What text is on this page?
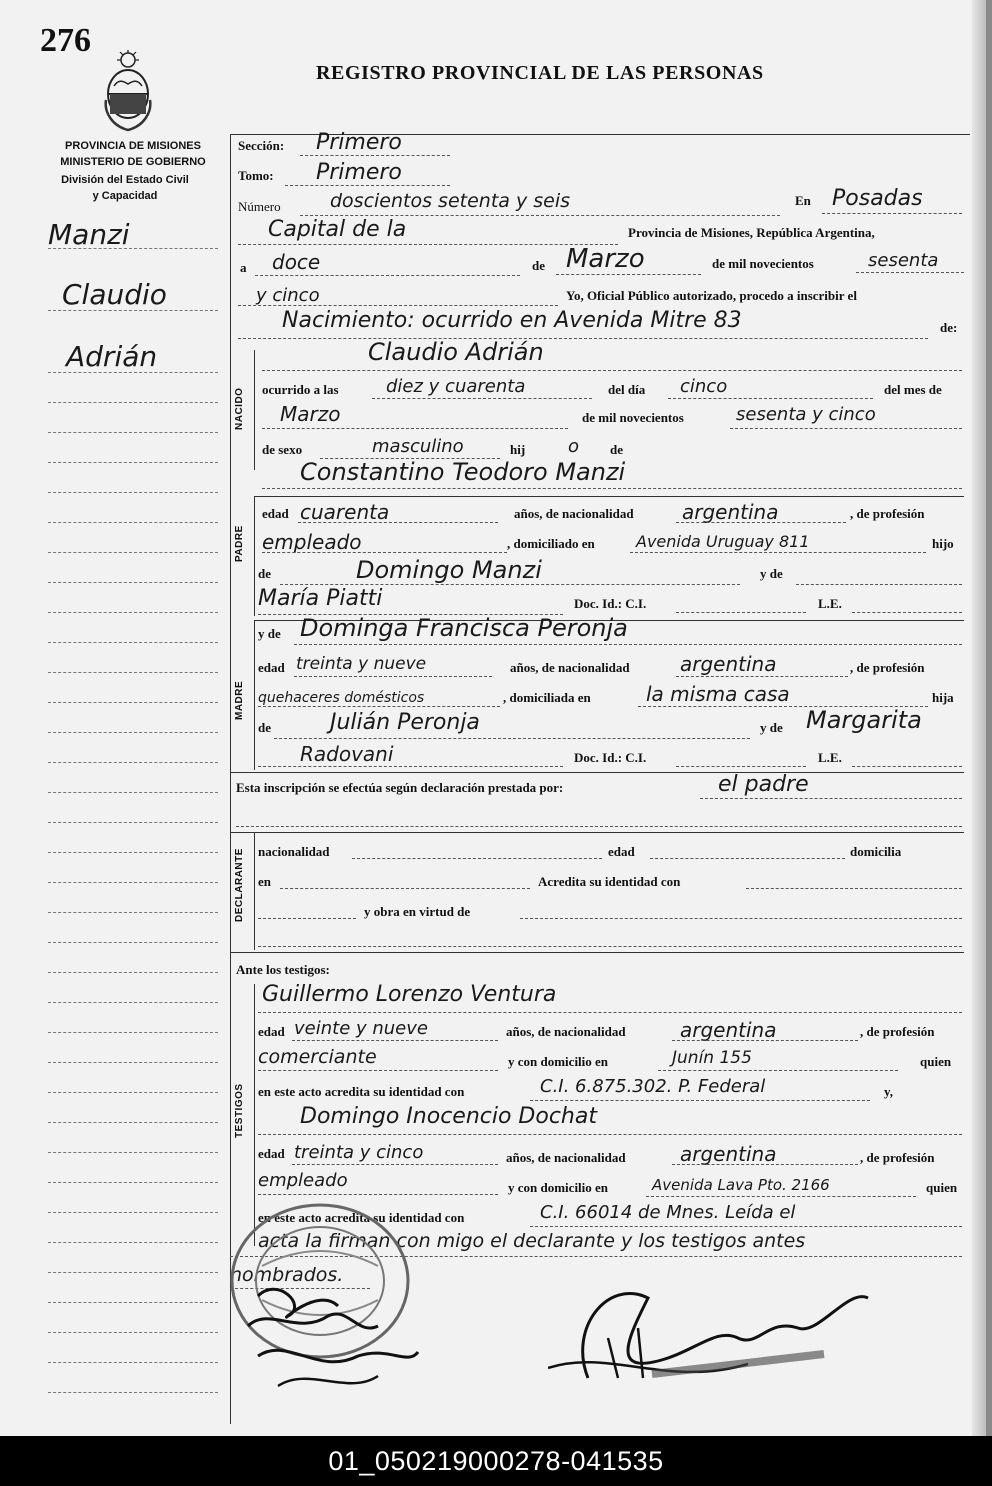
276
REGISTRO PROVINCIAL DE LAS PERSONAS
PROVINCIA DE MISIONES
MINISTERIO DE GOBIERNO
División del Estado Civil
y Capacidad
Manzi
Claudio
Adrián
Sección: Primero
Tomo: Primero
Número	doscientos setenta y seis	En Posadas
Capital de la	Provincia de Misiones, República Argentina,
a doce	de Marzo	de mil novecientos	sesenta
y cinco	Yo, Oficial Público autorizado, procedo a inscribir el
Nacimiento: ocurrido en Avenida Mitre 83	de:
NACIDO
Claudio Adrián
ocurrido a las	diez y cuarenta	del día cinco	del mes de
Marzo	de mil novecientos	sesenta y cinco
de sexo	masculino	hij o de
Constantino Teodoro Manzi
PADRE
edad cuarenta	años, de nacionalidad argentina	, de profesión
empleado	, domiciliado en	Avenida Uruguay 811	hijo
de	Domingo Manzi	y de
María Piatti	Doc. Id.: C.I.	L.E.
MADRE
y de Dominga Francisca Peronja
edad treinta y nueve	años, de nacionalidad	argentina	, de profesión
quehaceres domésticos	, domiciliada en	la misma casa	hija
de	Julián Peronja	y de Margarita
Radovani	Doc. Id.: C.I.	L.E.
Esta inscripción se efectúa según declaración prestada por:	el padre
DECLARANTE nacionalidad	edad	domicilia
en	Acredita su identidad con
y obra en virtud de
Ante los testigos:
TESTIGOS
Guillermo Lorenzo Ventura
edad veinte y nueve	años, de nacionalidad	argentina	, de profesión
comerciante	y con domicilio en	Junín 155	quien
en este acto acredita su identidad con	C.I. 6.875.302. P. Federal	y,
Domingo Inocencio Dochat
edad treinta y cinco	años, de nacionalidad	argentina	, de profesión
empleado	y con domicilio en	Avenida Lava Pto. 2166	quien
en este acto acredita su identidad con	C.I. 66014 de Mnes. Leída el
acta la firman con migo el declarante y los testigos antes
nombrados.
01_050219000278-041535
